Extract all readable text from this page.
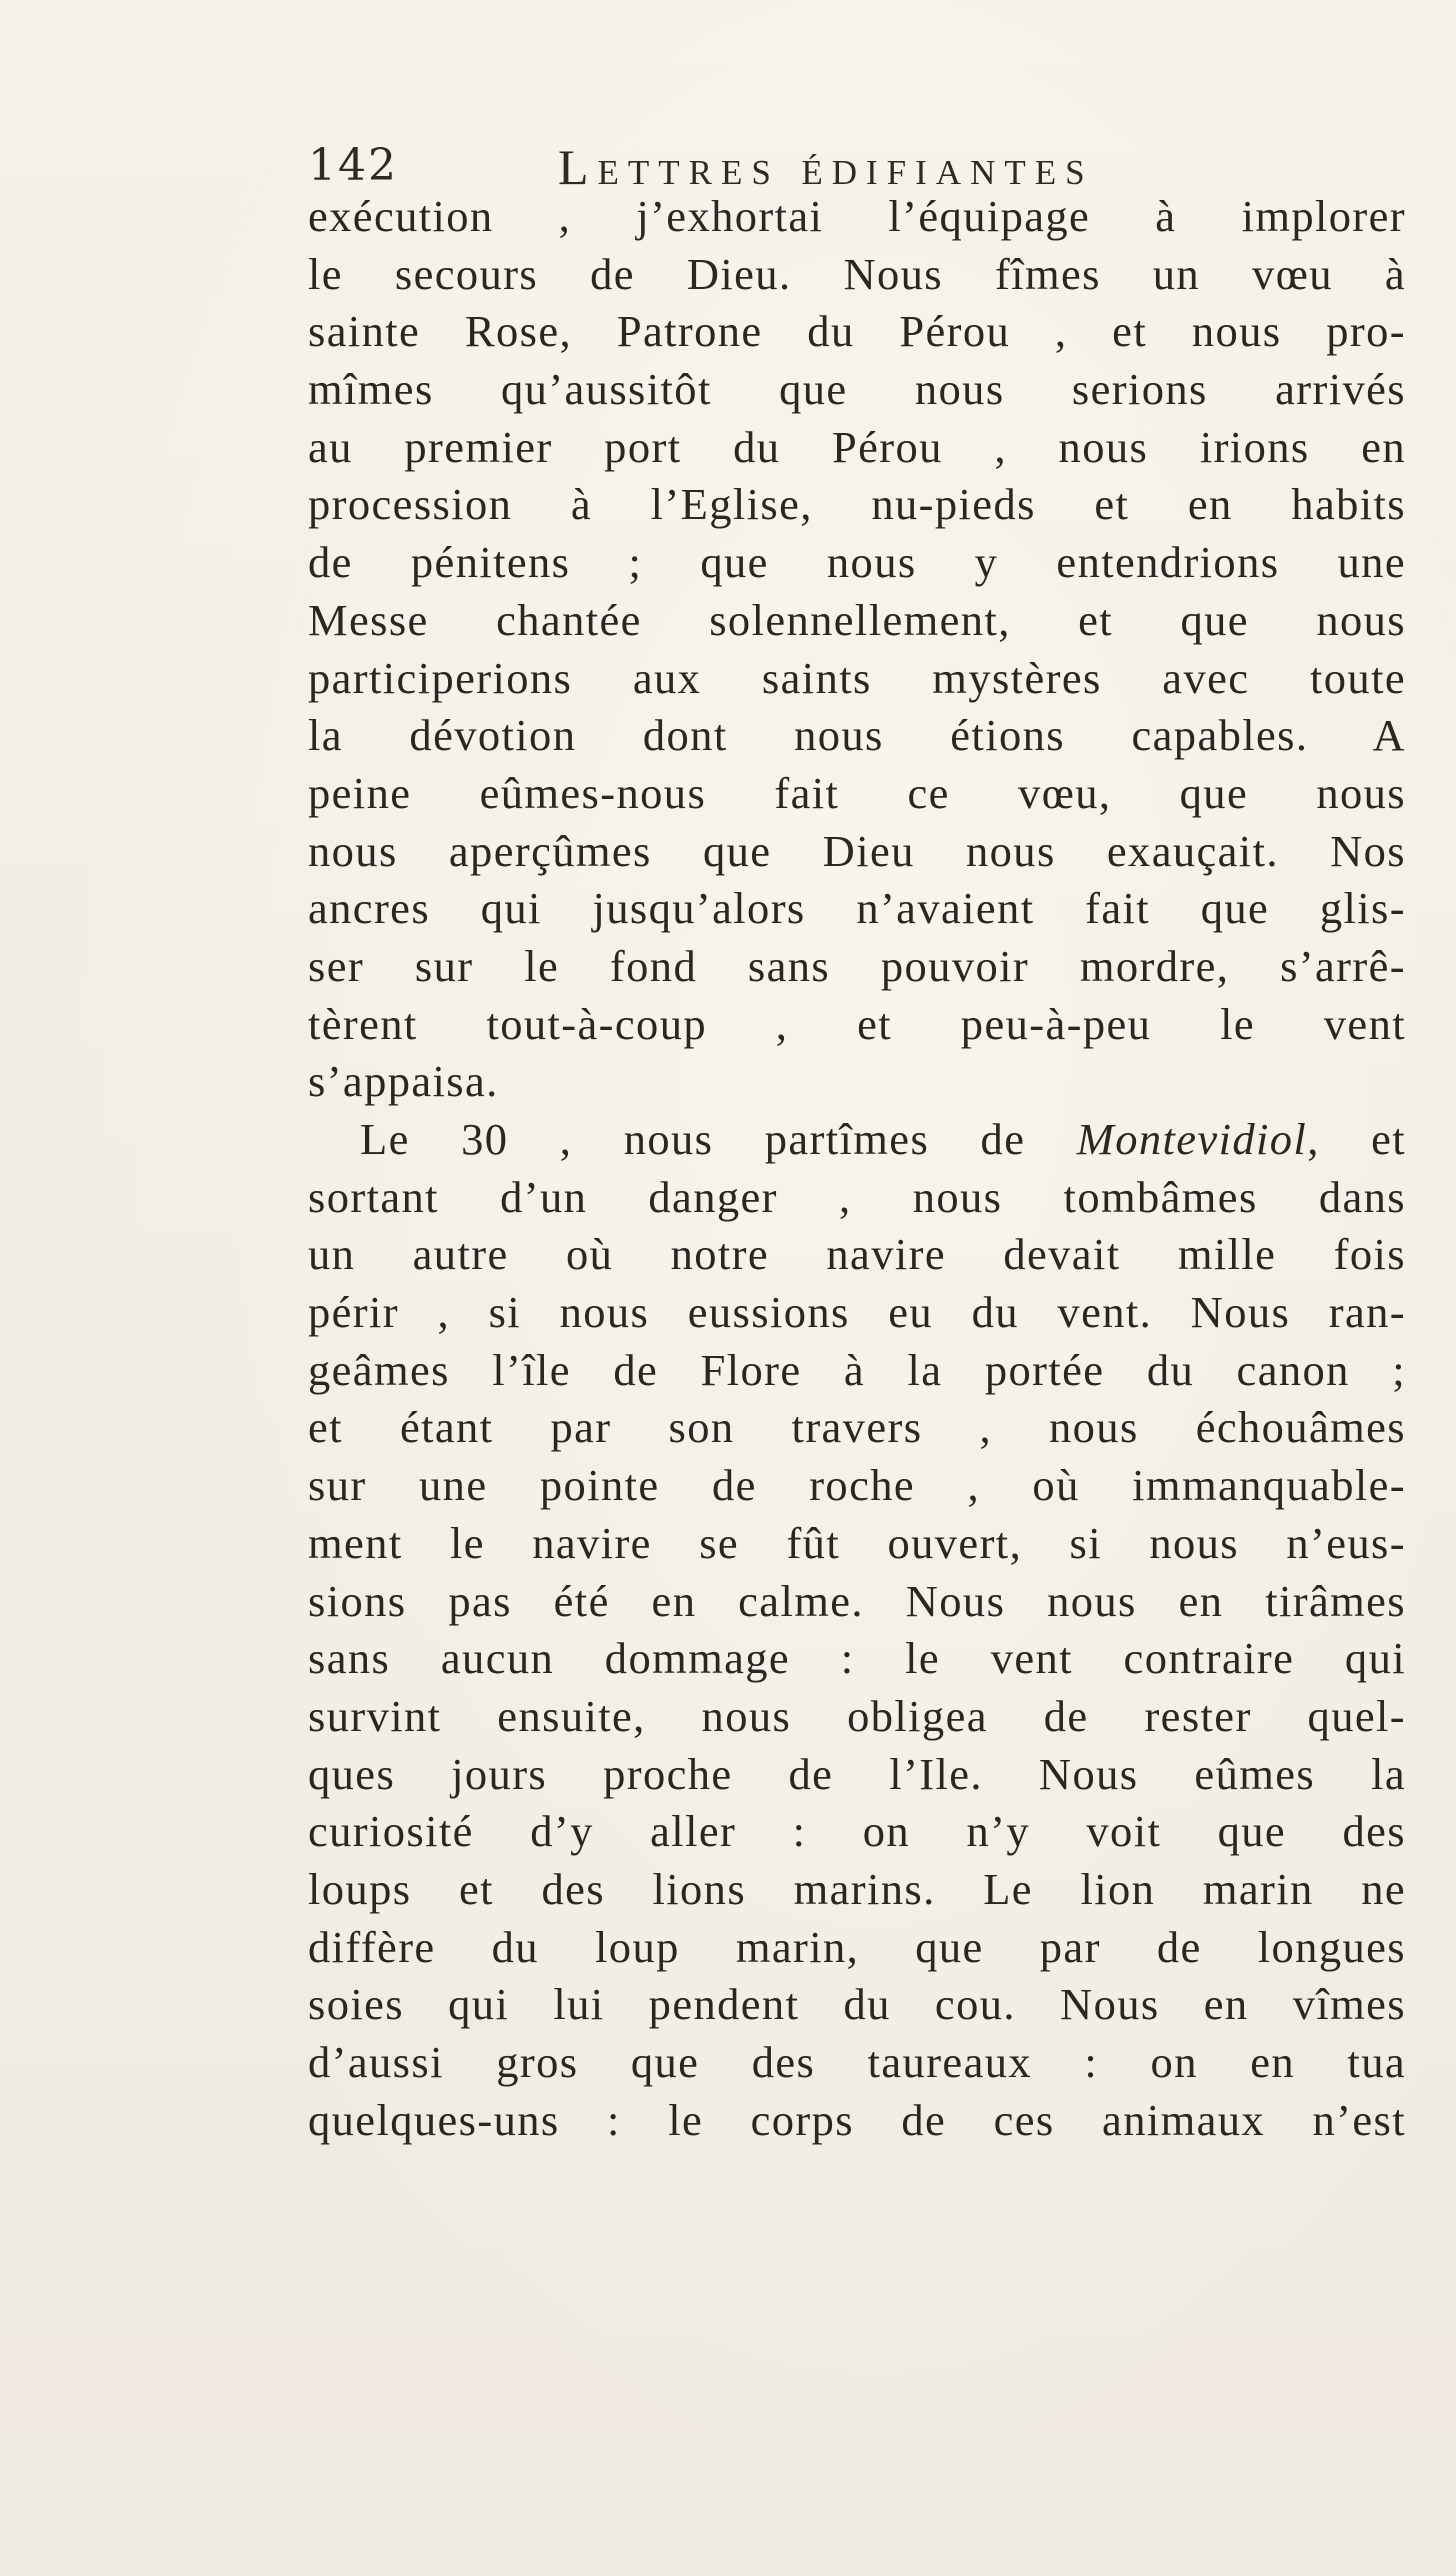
142	Lettres édifiantes
exécution , j’exhortai l’équipage à implorer
le secours de Dieu. Nous fîmes un vœu à
sainte Rose, Patrone du Pérou , et nous pro-
mîmes qu’aussitôt que nous serions arrivés
au premier port du Pérou , nous irions en
procession à l’Eglise, nu-pieds et en habits
de pénitens ; que nous y entendrions une
Messe chantée solennellement, et que nous
participerions aux saints mystères avec toute
la dévotion dont nous étions capables. A
peine eûmes-nous fait ce vœu, que nous
nous aperçûmes que Dieu nous exauçait. Nos
ancres qui jusqu’alors n’avaient fait que glis-
ser sur le fond sans pouvoir mordre, s’arrê-
tèrent tout-à-coup , et peu-à-peu le vent
s’appaisa.
Le 30 , nous partîmes de Montevidiol, et
sortant d’un danger , nous tombâmes dans
un autre où notre navire devait mille fois
périr , si nous eussions eu du vent. Nous ran-
geâmes l’île de Flore à la portée du canon ;
et étant par son travers , nous échouâmes
sur une pointe de roche , où immanquable-
ment le navire se fût ouvert, si nous n’eus-
sions pas été en calme. Nous nous en tirâmes
sans aucun dommage : le vent contraire qui
survint ensuite, nous obligea de rester quel-
ques jours proche de l’Ile. Nous eûmes la
curiosité d’y aller : on n’y voit que des
loups et des lions marins. Le lion marin ne
diffère du loup marin, que par de longues
soies qui lui pendent du cou. Nous en vîmes
d’aussi gros que des taureaux : on en tua
quelques-uns : le corps de ces animaux n’est
